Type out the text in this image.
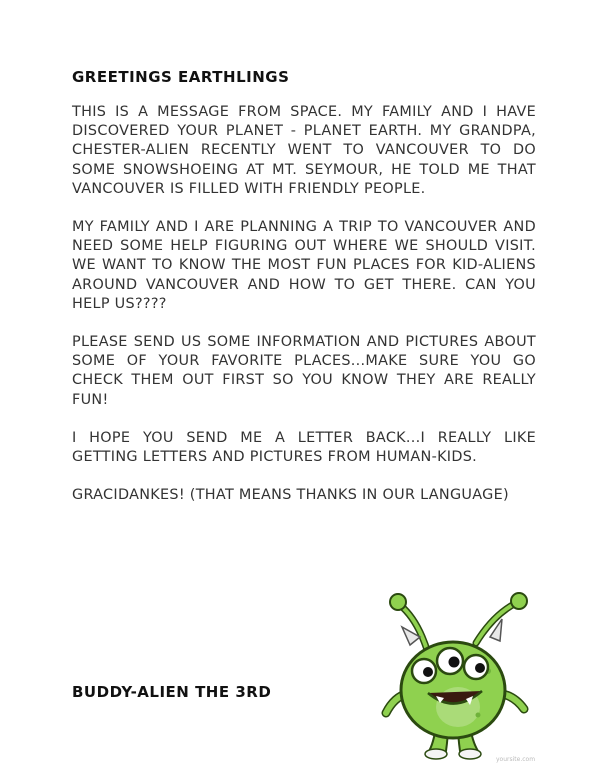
GREETINGS EARTHLINGS

THIS IS A MESSAGE FROM SPACE. MY FAMILY AND I HAVE DISCOVERED YOUR PLANET - PLANET EARTH. MY GRANDPA, CHESTER-ALIEN RECENTLY WENT TO VANCOUVER TO DO SOME SNOWSHOEING AT MT. SEYMOUR, HE TOLD ME THAT VANCOUVER IS FILLED WITH FRIENDLY PEOPLE.

MY FAMILY AND I ARE PLANNING A TRIP TO VANCOUVER AND NEED SOME HELP FIGURING OUT WHERE WE SHOULD VISIT. WE WANT TO KNOW THE MOST FUN PLACES FOR KID-ALIENS AROUND VANCOUVER AND HOW TO GET THERE. CAN YOU HELP US????

PLEASE SEND US SOME INFORMATION AND PICTURES ABOUT SOME OF YOUR FAVORITE PLACES...MAKE SURE YOU GO CHECK THEM OUT FIRST SO YOU KNOW THEY ARE REALLY FUN!

I HOPE YOU SEND ME A LETTER BACK...I REALLY LIKE GETTING LETTERS AND PICTURES FROM HUMAN-KIDS.

GRACIDANKES! (THAT MEANS THANKS IN OUR LANGUAGE)

BUDDY-ALIEN THE 3RD
yoursite.com
